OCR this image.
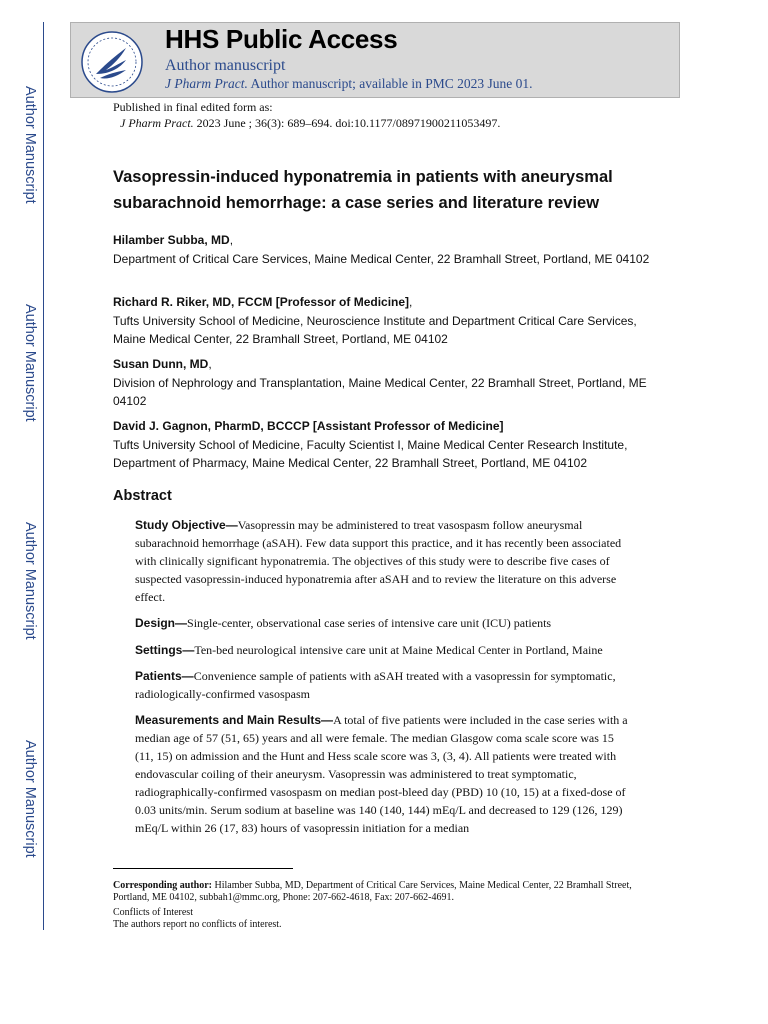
Author Manuscript
Author Manuscript
Author Manuscript
Author Manuscript
HHS Public Access
Author manuscript
J Pharm Pract. Author manuscript; available in PMC 2023 June 01.
Published in final edited form as:
J Pharm Pract. 2023 June ; 36(3): 689–694. doi:10.1177/08971900211053497.
Vasopressin-induced hyponatremia in patients with aneurysmal subarachnoid hemorrhage: a case series and literature review
Hilamber Subba, MD,
Department of Critical Care Services, Maine Medical Center, 22 Bramhall Street, Portland, ME 04102
Richard R. Riker, MD, FCCM [Professor of Medicine],
Tufts University School of Medicine, Neuroscience Institute and Department Critical Care Services, Maine Medical Center, 22 Bramhall Street, Portland, ME 04102
Susan Dunn, MD,
Division of Nephrology and Transplantation, Maine Medical Center, 22 Bramhall Street, Portland, ME 04102
David J. Gagnon, PharmD, BCCCP [Assistant Professor of Medicine]
Tufts University School of Medicine, Faculty Scientist I, Maine Medical Center Research Institute, Department of Pharmacy, Maine Medical Center, 22 Bramhall Street, Portland, ME 04102
Abstract
Study Objective—Vasopressin may be administered to treat vasospasm follow aneurysmal subarachnoid hemorrhage (aSAH). Few data support this practice, and it has recently been associated with clinically significant hyponatremia. The objectives of this study were to describe five cases of suspected vasopressin-induced hyponatremia after aSAH and to review the literature on this adverse effect.
Design—Single-center, observational case series of intensive care unit (ICU) patients
Settings—Ten-bed neurological intensive care unit at Maine Medical Center in Portland, Maine
Patients—Convenience sample of patients with aSAH treated with a vasopressin for symptomatic, radiologically-confirmed vasospasm
Measurements and Main Results—A total of five patients were included in the case series with a median age of 57 (51, 65) years and all were female. The median Glasgow coma scale score was 15 (11, 15) on admission and the Hunt and Hess scale score was 3, (3, 4). All patients were treated with endovascular coiling of their aneurysm. Vasopressin was administered to treat symptomatic, radiographically-confirmed vasospasm on median post-bleed day (PBD) 10 (10, 15) at a fixed-dose of 0.03 units/min. Serum sodium at baseline was 140 (140, 144) mEq/L and decreased to 129 (126, 129) mEq/L within 26 (17, 83) hours of vasopressin initiation for a median
Corresponding author: Hilamber Subba, MD, Department of Critical Care Services, Maine Medical Center, 22 Bramhall Street, Portland, ME 04102, subbah1@mmc.org, Phone: 207-662-4618, Fax: 207-662-4691.
Conflicts of Interest
The authors report no conflicts of interest.
